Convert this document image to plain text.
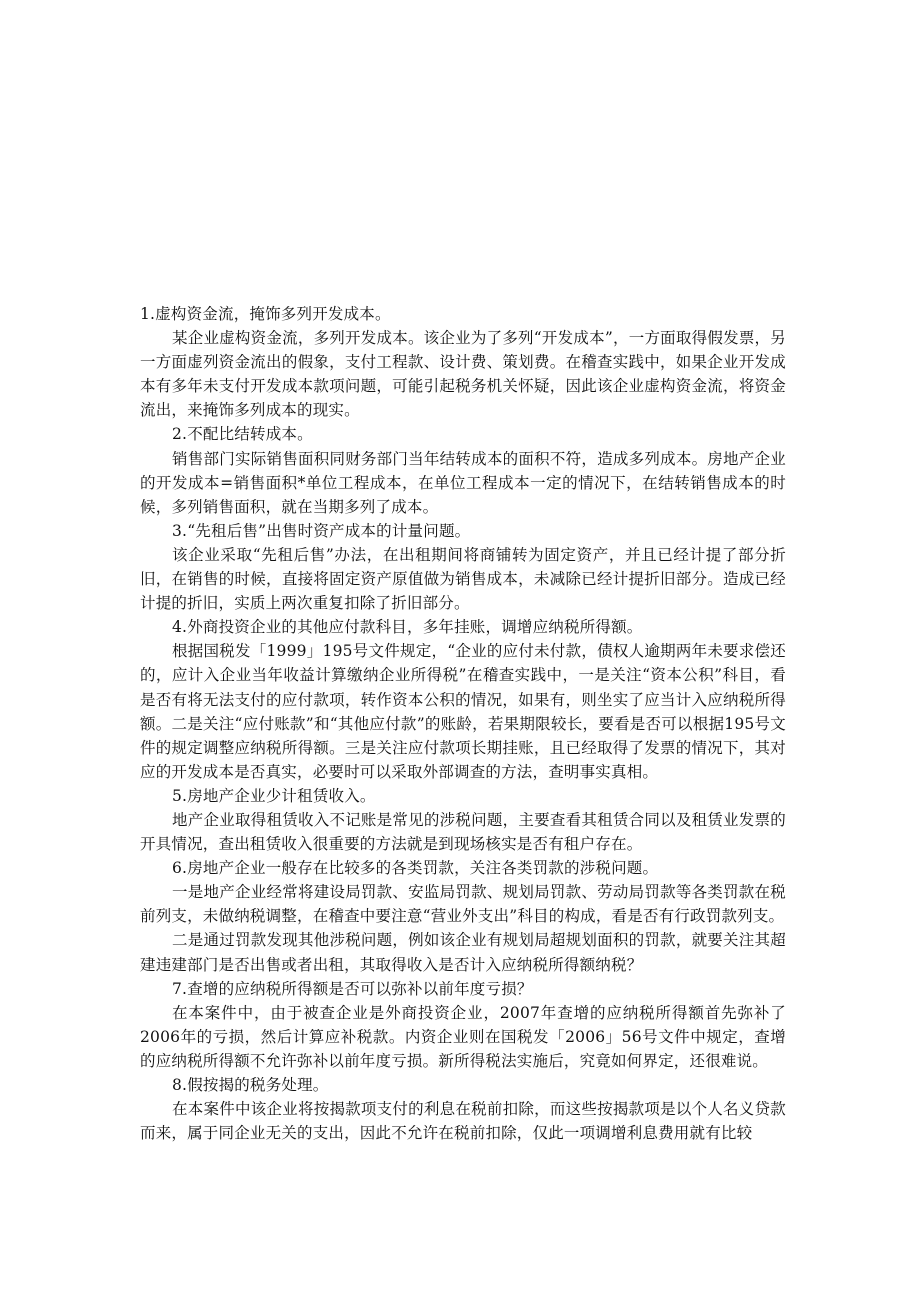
1.虚构资金流，掩饰多列开发成本。

某企业虚构资金流，多列开发成本。该企业为了多列“开发成本”，一方面取得假发票，另一方面虚列资金流出的假象，支付工程款、设计费、策划费。在稽查实践中，如果企业开发成本有多年未支付开发成本款项问题，可能引起税务机关怀疑，因此该企业虚构资金流，将资金流出，来掩饰多列成本的现实。

2.不配比结转成本。

销售部门实际销售面积同财务部门当年结转成本的面积不符，造成多列成本。房地产企业的开发成本=销售面积*单位工程成本，在单位工程成本一定的情况下，在结转销售成本的时候，多列销售面积，就在当期多列了成本。

3.“先租后售”出售时资产成本的计量问题。

该企业采取“先租后售”办法，在出租期间将商铺转为固定资产，并且已经计提了部分折旧，在销售的时候，直接将固定资产原值做为销售成本，未减除已经计提折旧部分。造成已经计提的折旧，实质上两次重复扣除了折旧部分。

4.外商投资企业的其他应付款科目，多年挂账，调增应纳税所得额。

根据国税发「1999」195号文件规定，“企业的应付未付款，债权人逾期两年未要求偿还的，应计入企业当年收益计算缴纳企业所得税”在稽查实践中，一是关注“资本公积”科目，看是否有将无法支付的应付款项，转作资本公积的情况，如果有，则坐实了应当计入应纳税所得额。二是关注“应付账款”和“其他应付款”的账龄，若果期限较长，要看是否可以根据195号文件的规定调整应纳税所得额。三是关注应付款项长期挂账，且已经取得了发票的情况下，其对应的开发成本是否真实，必要时可以采取外部调查的方法，查明事实真相。

5.房地产企业少计租赁收入。

地产企业取得租赁收入不记账是常见的涉税问题，主要查看其租赁合同以及租赁业发票的开具情况，查出租赁收入很重要的方法就是到现场核实是否有租户存在。

6.房地产企业一般存在比较多的各类罚款，关注各类罚款的涉税问题。

一是地产企业经常将建设局罚款、安监局罚款、规划局罚款、劳动局罚款等各类罚款在税前列支，未做纳税调整，在稽查中要注意“营业外支出”科目的构成，看是否有行政罚款列支。

二是通过罚款发现其他涉税问题，例如该企业有规划局超规划面积的罚款，就要关注其超建违建部门是否出售或者出租，其取得收入是否计入应纳税所得额纳税？

7.查增的应纳税所得额是否可以弥补以前年度亏损？

在本案件中，由于被查企业是外商投资企业，2007年查增的应纳税所得额首先弥补了2006年的亏损，然后计算应补税款。内资企业则在国税发「2006」56号文件中规定，查增的应纳税所得额不允许弥补以前年度亏损。新所得税法实施后，究竟如何界定，还很难说。

8.假按揭的税务处理。

在本案件中该企业将按揭款项支付的利息在税前扣除，而这些按揭款项是以个人名义贷款而来，属于同企业无关的支出，因此不允许在税前扣除，仅此一项调增利息费用就有比较
